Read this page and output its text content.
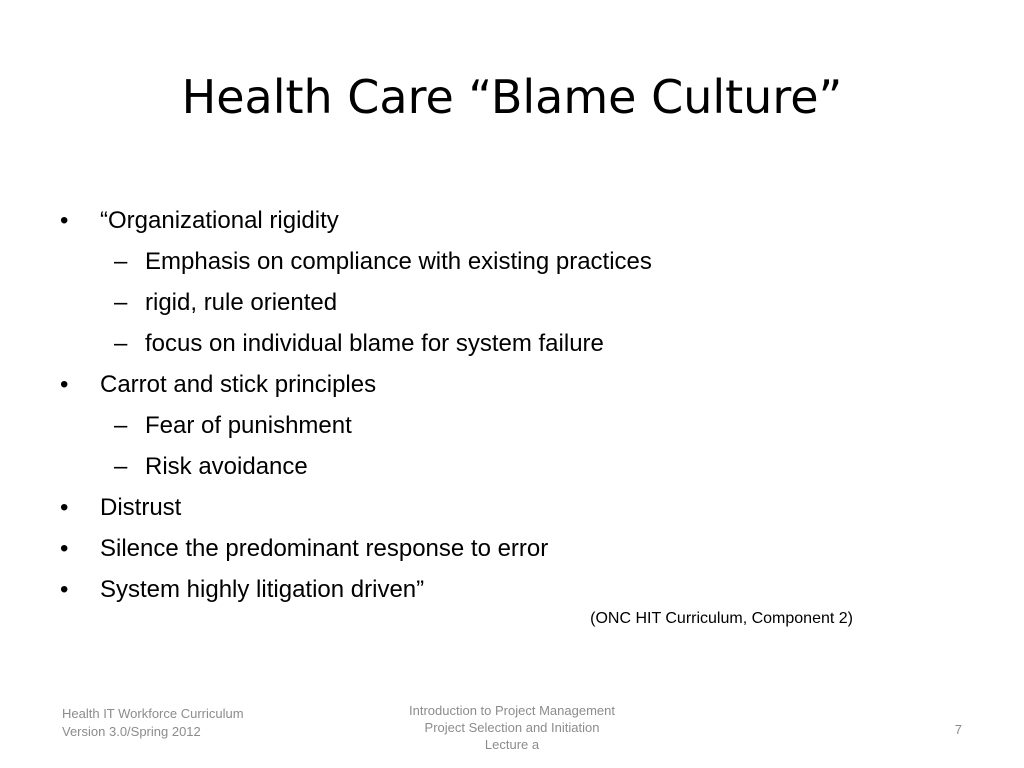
Health Care “Blame Culture”
• “Organizational rigidity
– Emphasis on compliance with existing practices
– rigid, rule oriented
– focus on individual blame for system failure
• Carrot and stick principles
– Fear of punishment
– Risk avoidance
• Distrust
• Silence the predominant response to error
• System highly litigation driven”
(ONC HIT Curriculum, Component 2)
Health IT Workforce Curriculum
Version 3.0/Spring 2012
Introduction to Project Management
Project Selection and Initiation
Lecture a
7
